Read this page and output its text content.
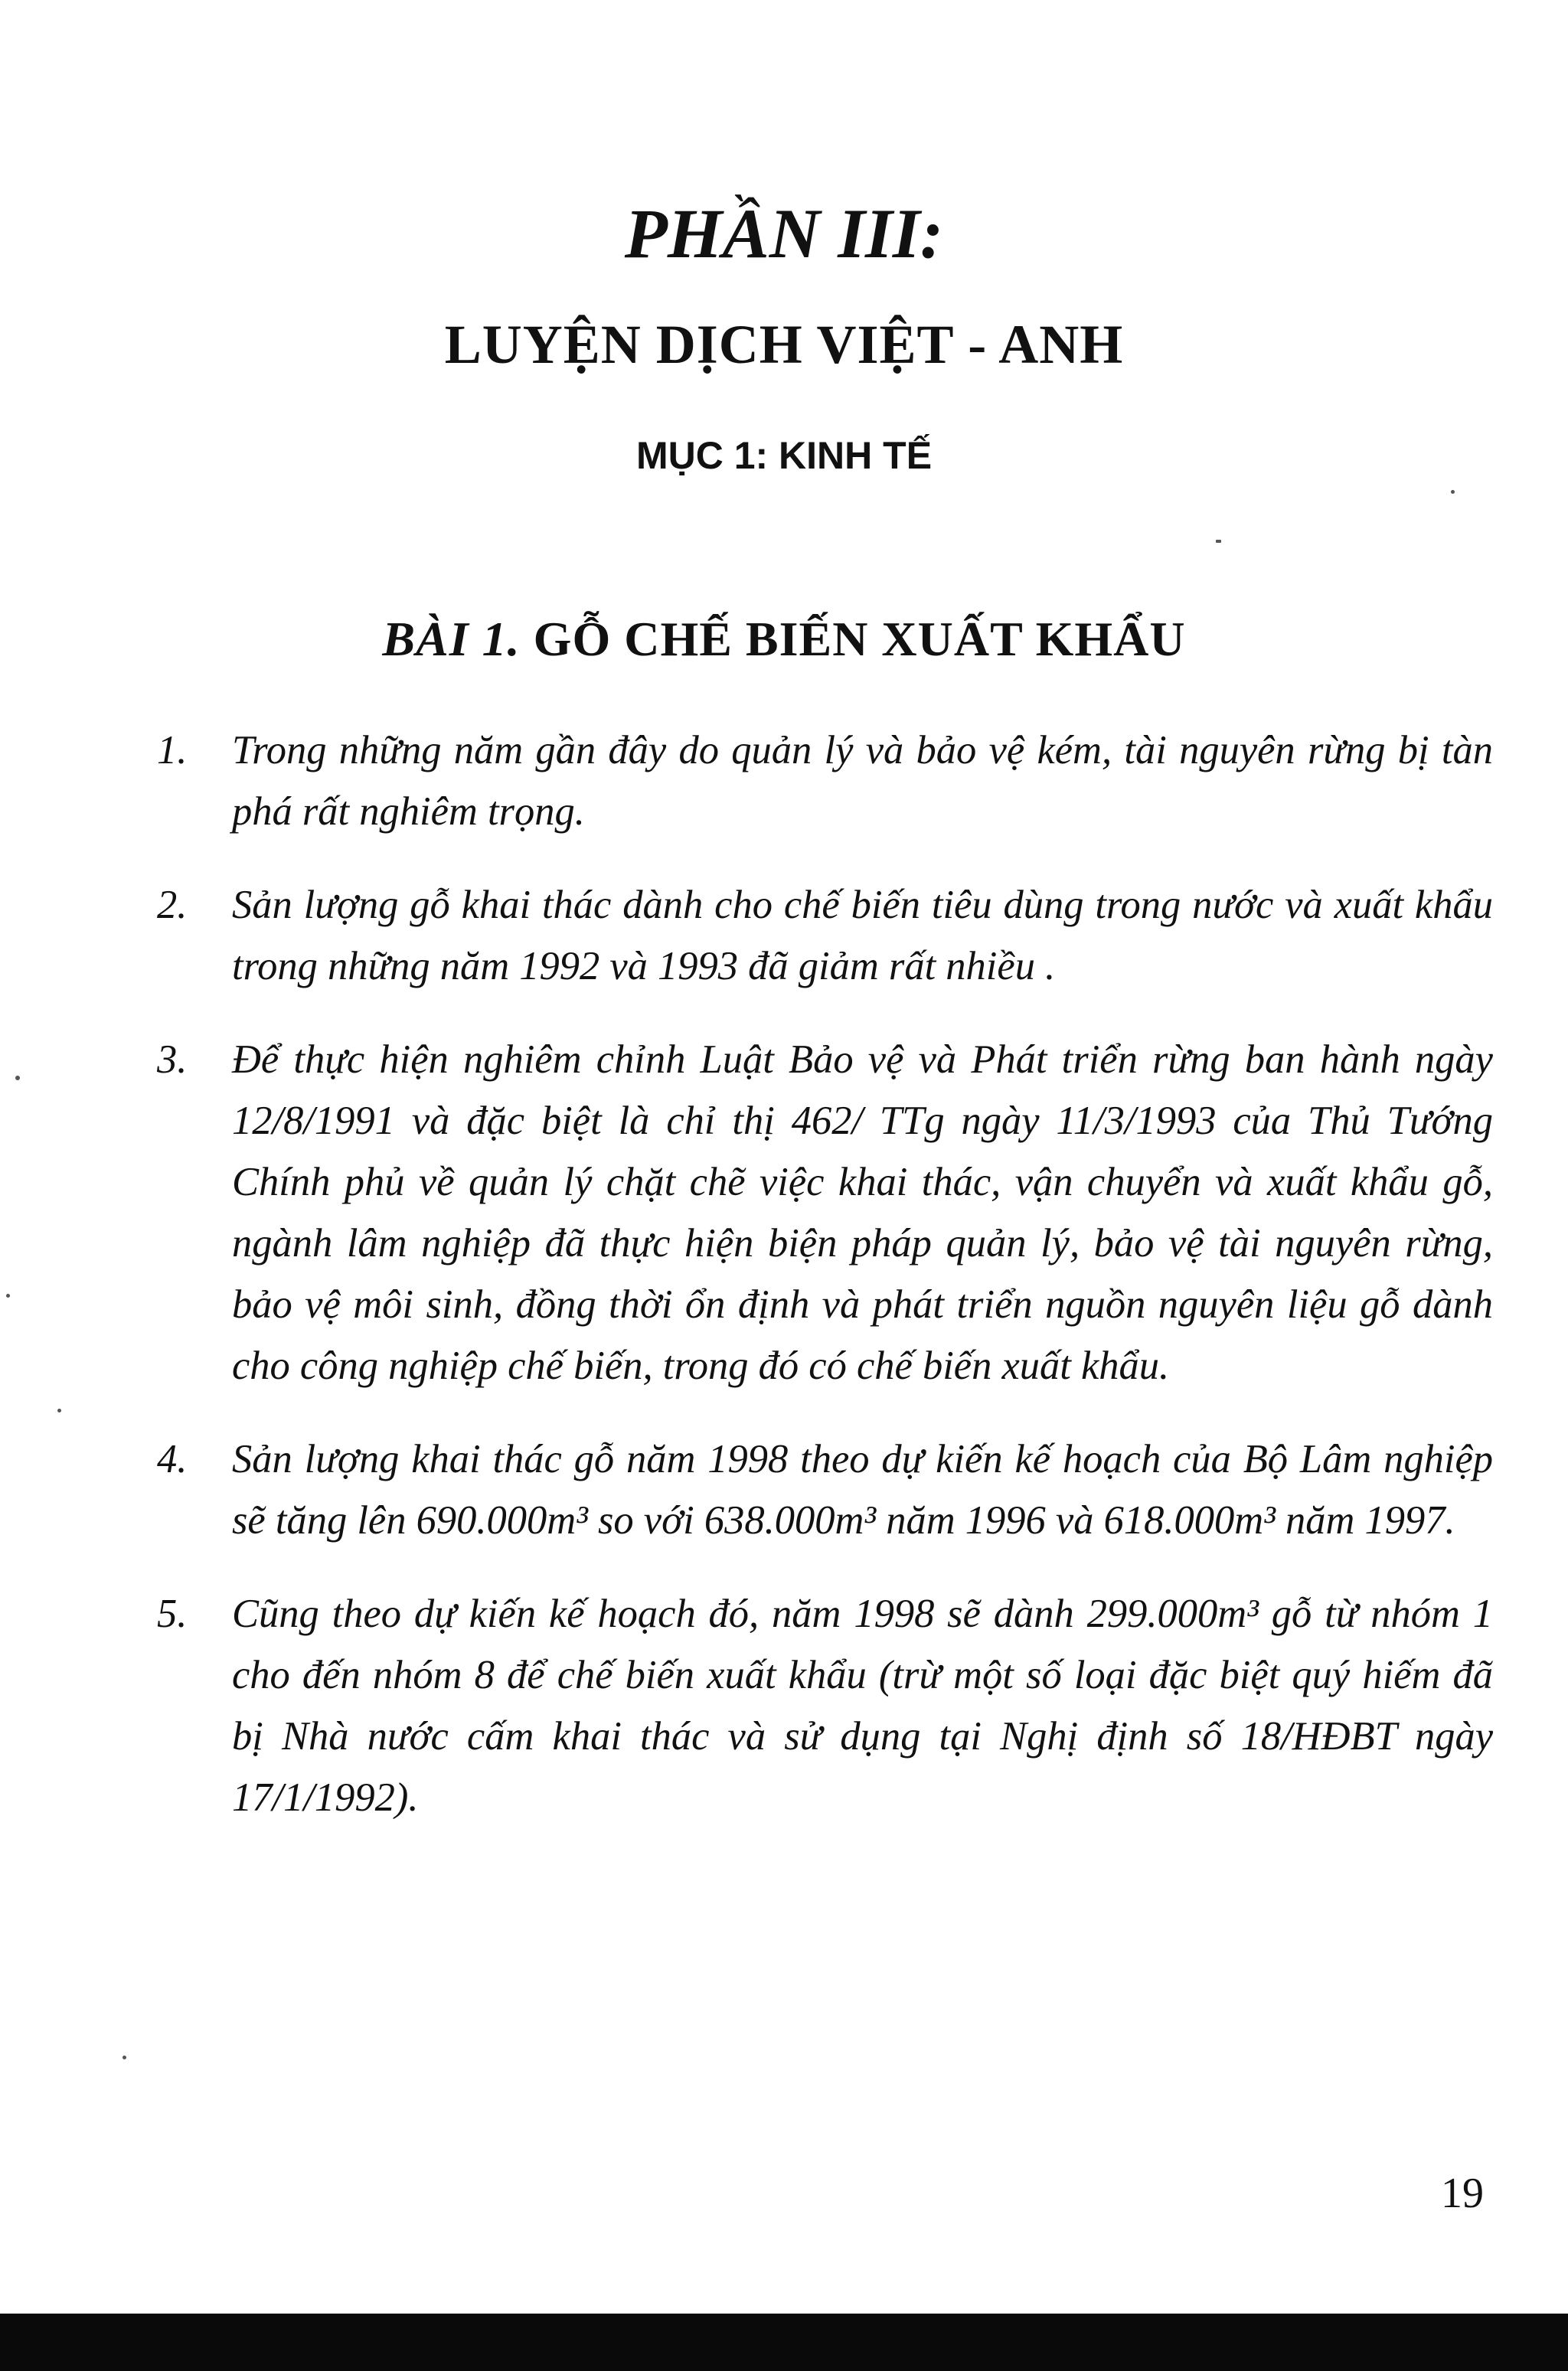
PHẦN III:
LUYỆN DỊCH VIỆT - ANH
MỤC 1: KINH TẾ
BÀI 1. GỖ CHẾ BIẾN XUẤT KHẨU
1.	Trong những năm gần đây do quản lý và bảo vệ kém, tài nguyên rừng bị tàn phá rất nghiêm trọng.
2.	Sản lượng gỗ khai thác dành cho chế biến tiêu dùng trong nước và xuất khẩu trong những năm 1992 và 1993 đã giảm rất nhiều .
3.	Để thực hiện nghiêm chỉnh Luật Bảo vệ và Phát triển rừng ban hành ngày 12/8/1991 và đặc biệt là chỉ thị 462/ TTg ngày 11/3/1993 của Thủ Tướng Chính phủ về quản lý chặt chẽ việc khai thác, vận chuyển và xuất khẩu gỗ, ngành lâm nghiệp đã thực hiện biện pháp quản lý, bảo vệ tài nguyên rừng, bảo vệ môi sinh, đồng thời ổn định và phát triển nguồn nguyên liệu gỗ dành cho công nghiệp chế biến, trong đó có chế biến xuất khẩu.
4.	Sản lượng khai thác gỗ năm 1998 theo dự kiến kế hoạch của Bộ Lâm nghiệp sẽ tăng lên 690.000m³ so với 638.000m³ năm 1996 và 618.000m³ năm 1997.
5.	Cũng theo dự kiến kế hoạch đó, năm 1998 sẽ dành 299.000m³ gỗ từ nhóm 1 cho đến nhóm 8 để chế biến xuất khẩu (trừ một số loại đặc biệt quý hiếm đã bị Nhà nước cấm khai thác và sử dụng tại Nghị định số 18/HĐBT ngày 17/1/1992).
19
